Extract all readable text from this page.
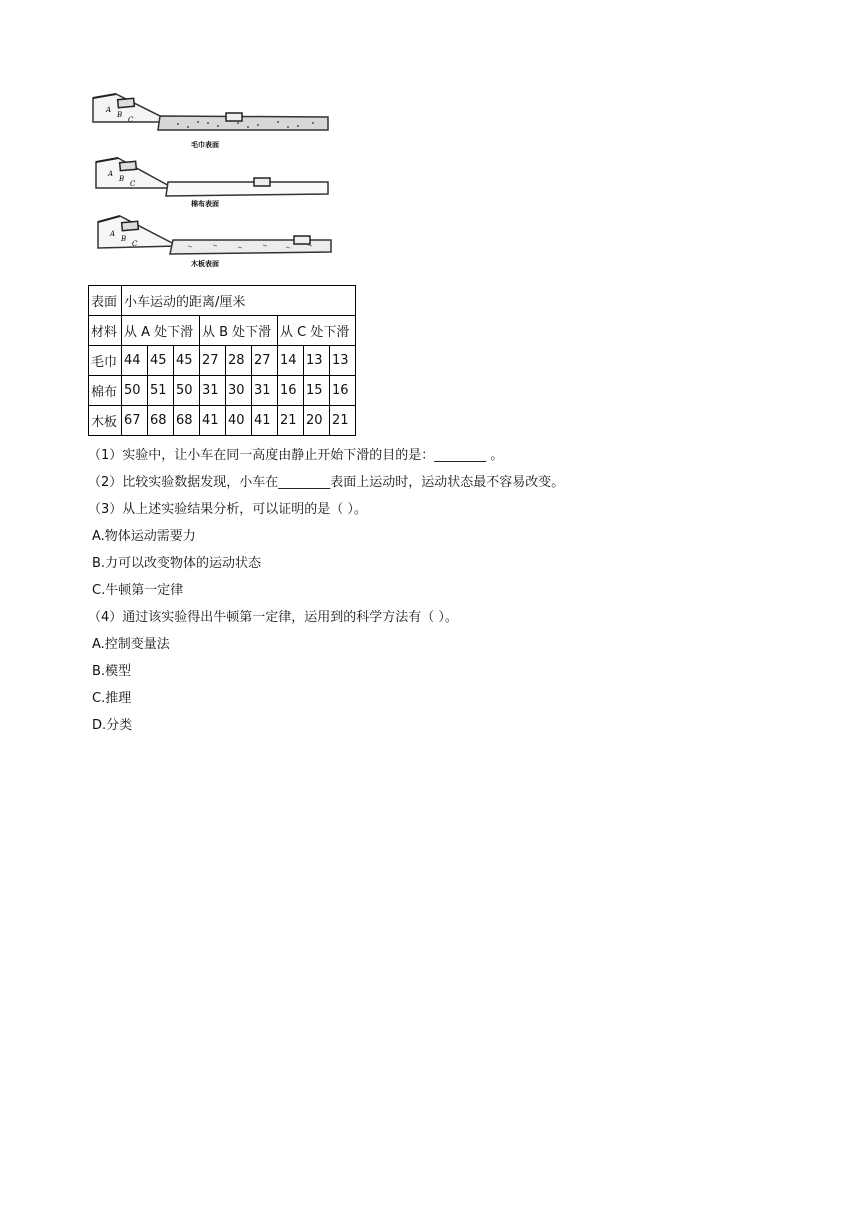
A
B
C
毛巾表面
A
B
C
棉布表面
A
B
C
木板表面
表面	小车运动的距离/厘米								
材料	从 A 处下滑			从 B 处下滑			从 C 处下滑		
毛巾	44	45	45	27	28	27	14	13	13
棉布	50	51	50	31	30	31	16	15	16
木板	67	68	68	41	40	41	21	20	21
（1）实验中，让小车在同一高度由静止开始下滑的目的是：________ 。
（2）比较实验数据发现，小车在________表面上运动时，运动状态最不容易改变。
（3）从上述实验结果分析，可以证明的是（ ）。
A.物体运动需要力
B.力可以改变物体的运动状态
C.牛顿第一定律
（4）通过该实验得出牛顿第一定律，运用到的科学方法有（ ）。
A.控制变量法
B.模型
C.推理
D.分类
